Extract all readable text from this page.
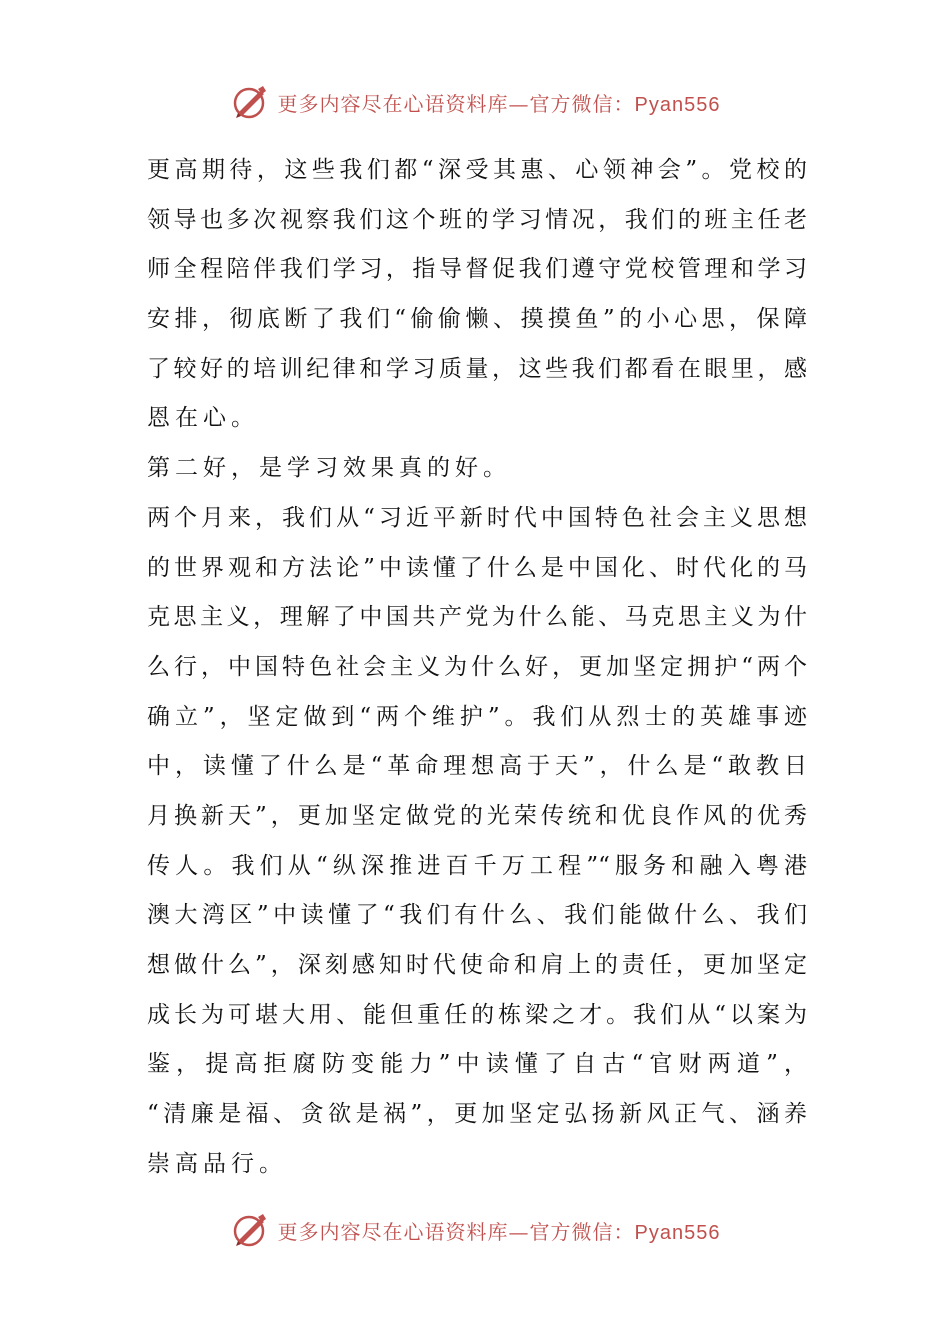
更多内容尽在心语资料库—官方微信：Pyan556
更高期待，这些我们都“深受其惠、心领神会”。党校的
领导也多次视察我们这个班的学习情况，我们的班主任老
师全程陪伴我们学习，指导督促我们遵守党校管理和学习
安排，彻底断了我们“偷偷懒、摸摸鱼”的小心思，保障
了较好的培训纪律和学习质量，这些我们都看在眼里，感
恩在心。
第二好，是学习效果真的好。
两个月来，我们从“习近平新时代中国特色社会主义思想
的世界观和方法论”中读懂了什么是中国化、时代化的马
克思主义，理解了中国共产党为什么能、马克思主义为什
么行，中国特色社会主义为什么好，更加坚定拥护“两个
确立”，坚定做到“两个维护”。我们从烈士的英雄事迹
中，读懂了什么是“革命理想高于天”，什么是“敢教日
月换新天”，更加坚定做党的光荣传统和优良作风的优秀
传人。我们从“纵深推进百千万工程”“服务和融入粤港
澳大湾区”中读懂了“我们有什么、我们能做什么、我们
想做什么”，深刻感知时代使命和肩上的责任，更加坚定
成长为可堪大用、能但重任的栋梁之才。我们从“以案为
鉴，提高拒腐防变能力”中读懂了自古“官财两道”，
“清廉是福、贪欲是祸”，更加坚定弘扬新风正气、涵养
崇高品行。
更多内容尽在心语资料库—官方微信：Pyan556
